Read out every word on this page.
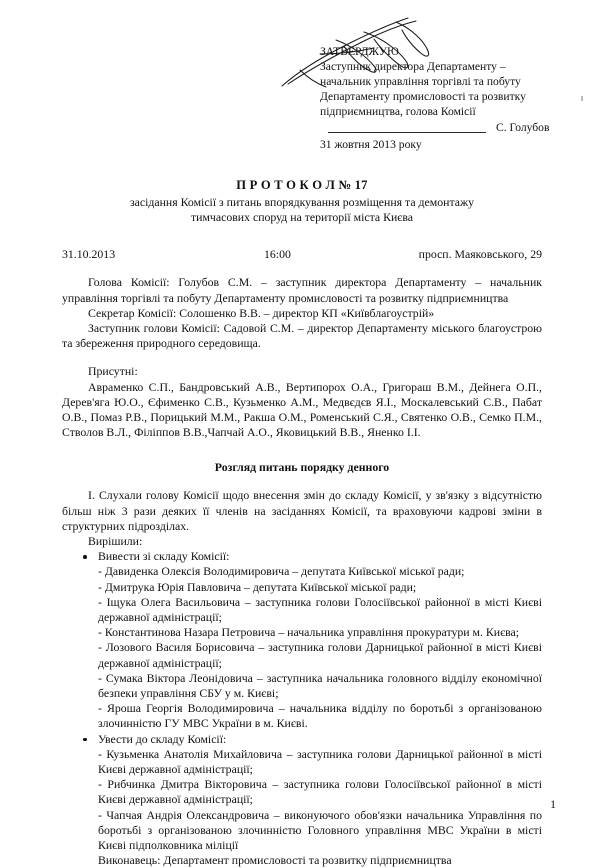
ЗАТВЕРДЖУЮ
Заступник директора Департаменту –
начальник управління торгівлі та побуту
Департаменту промисловості та розвитку
підприємництва, голова Комісії
С. Голубов
31 жовтня 2013 року
П Р О Т О К О Л № 17
засідання Комісії з питань впорядкування розміщення та демонтажу
тимчасових споруд на території міста Києва
31.10.2013	16:00	просп. Маяковського, 29
Голова Комісії: Голубов С.М. – заступник директора Департаменту – начальник управління торгівлі та побуту Департаменту промисловості та розвитку підприємництва
Секретар Комісії: Солошенко В.В. – директор КП «Київблагоустрій»
Заступник голови Комісії: Садовой С.М. – директор Департаменту міського благоустрою та збереження природного середовища.
Присутні:
Авраменко С.П., Бандровський А.В., Вертипорох О.А., Григораш В.М., Дейнега О.П., Дерев'яга Ю.О., Єфименко С.В., Кузьменко А.М., Медвєдєв Я.І., Москалевський С.В., Пабат О.В., Помаз Р.В., Порицький М.М., Ракша О.М., Роменський С.Я., Святенко О.В., Семко П.М., Стволов В.Л., Філіппов В.В.,Чапчай А.О., Яковицький В.В., Яненко І.І.
Розгляд питань порядку денного
I. Слухали голову Комісії щодо внесення змін до складу Комісії, у зв'язку з відсутністю більш ніж 3 рази деяких її членів на засіданнях Комісії, та враховуючи кадрові зміни в структурних підрозділах.
Вирішили:
Вивести зі складу Комісії:
- Давиденка Олексія Володимировича – депутата Київської міської ради;
- Дмитрука Юрія Павловича – депутата Київської міської ради;
- Іщука Олега Васильовича – заступника голови Голосіївської районної в місті Києві державної адміністрації;
- Константинова Назара Петровича – начальника управління прокуратури м. Києва;
- Лозового Василя Борисовича – заступника голови Дарницької районної в місті Києві державної адміністрації;
- Сумака Віктора Леонідовича – заступника начальника головного відділу економічної безпеки управління СБУ у м. Києві;
- Яроша Георгія Володимировича – начальника відділу по боротьбі з організованою злочинністю ГУ МВС України в м. Києві.
Увести до складу Комісії:
- Кузьменка Анатолія Михайловича – заступника голови Дарницької районної в місті Києві державної адміністрації;
- Рибчинка Дмитра Вікторовича – заступника голови Голосіївської районної в місті Києві державної адміністрації;
- Чапчая Андрія Олександровича – виконуючого обов'язки начальника Управління по боротьбі з організованою злочинністю Головного управління МВС України в місті Києві підполковника міліції
Виконавець: Департамент промисловості та розвитку підприємництва
1
